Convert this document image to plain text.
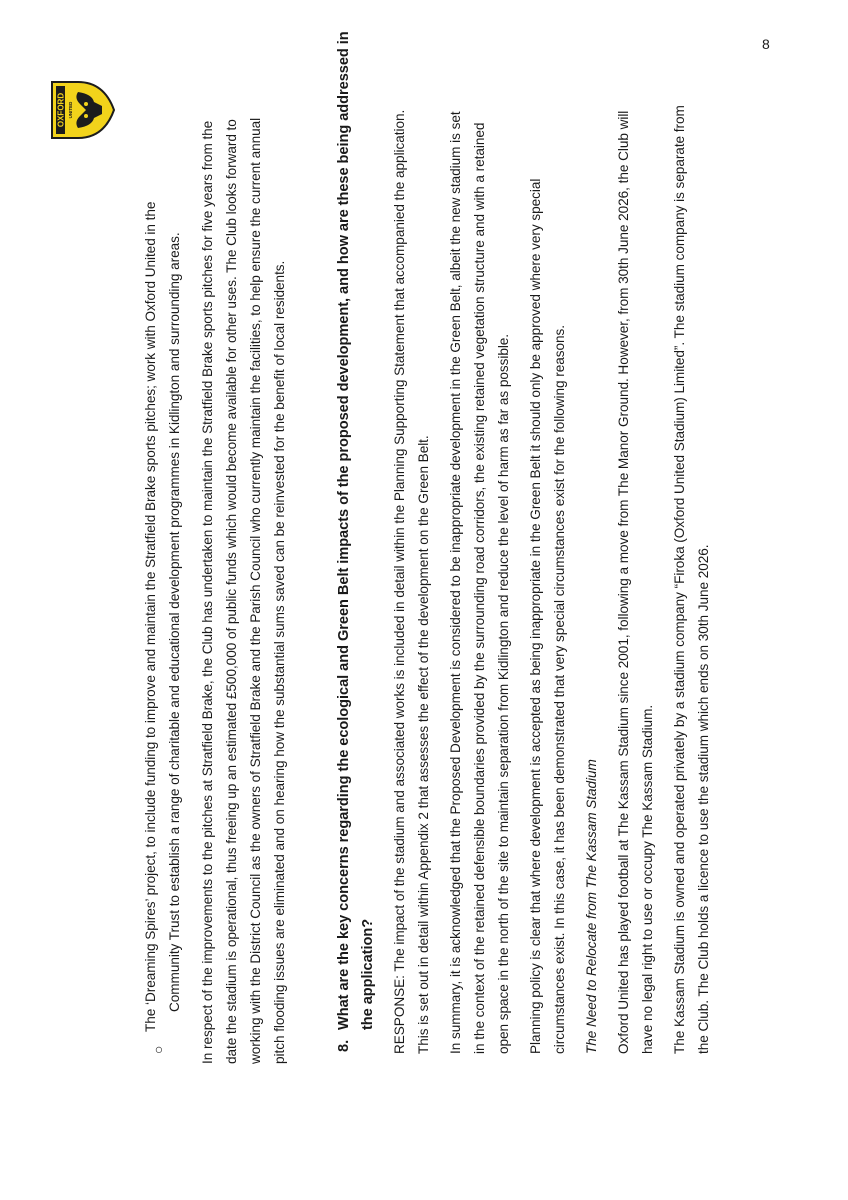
8
OXFORD UNITED
○
The ‘Dreaming Spires’ project, to include funding to improve and maintain the Stratfield Brake sports pitches; work with Oxford United in the Community Trust to establish a range of charitable and educational development programmes in Kidlington and surrounding areas. In respect of the improvements to the pitches at Stratfield Brake, the Club has undertaken to maintain the Stratfield Brake sports pitches for five years from the date the stadium is operational, thus freeing up an estimated £500,000 of public funds which would become available for other uses. The Club looks forward to working with the District Council as the owners of Stratfield Brake and the Parish Council who currently maintain the facilities, to help ensure the current annual pitch flooding issues are eliminated and on hearing how the substantial sums saved can be reinvested for the benefit of local residents.	8.
What are the key concerns regarding the ecological and Green Belt impacts of the proposed development, and how are these being addressed in the application? RESPONSE: The impact of the stadium and associated works is included in detail within the Planning Supporting Statement that accompanied the application. This is set out in detail within Appendix 2 that assesses the effect of the development on the Green Belt. In summary, it is acknowledged that the Proposed Development is considered to be inappropriate development in the Green Belt, albeit the new stadium is set in the context of the retained defensible boundaries provided by the surrounding road corridors, the existing retained vegetation structure and with a retained open space in the north of the site to maintain separation from Kidlington and reduce the level of harm as far as possible. Planning policy is clear that where development is accepted as being inappropriate in the Green Belt it should only be approved where very special circumstances exist. In this case, it has been demonstrated that very special circumstances exist for the following reasons. The Need to Relocate from The Kassam Stadium Oxford United has played football at The Kassam Stadium since 2001, following a move from The Manor Ground. However, from 30th June 2026, the Club will have no legal right to use or occupy The Kassam Stadium. The Kassam Stadium is owned and operated privately by a stadium company “Firoka (Oxford United Stadium) Limited”. The stadium company is separate from the Club. The Club holds a licence to use the stadium which ends on 30th June 2026.
